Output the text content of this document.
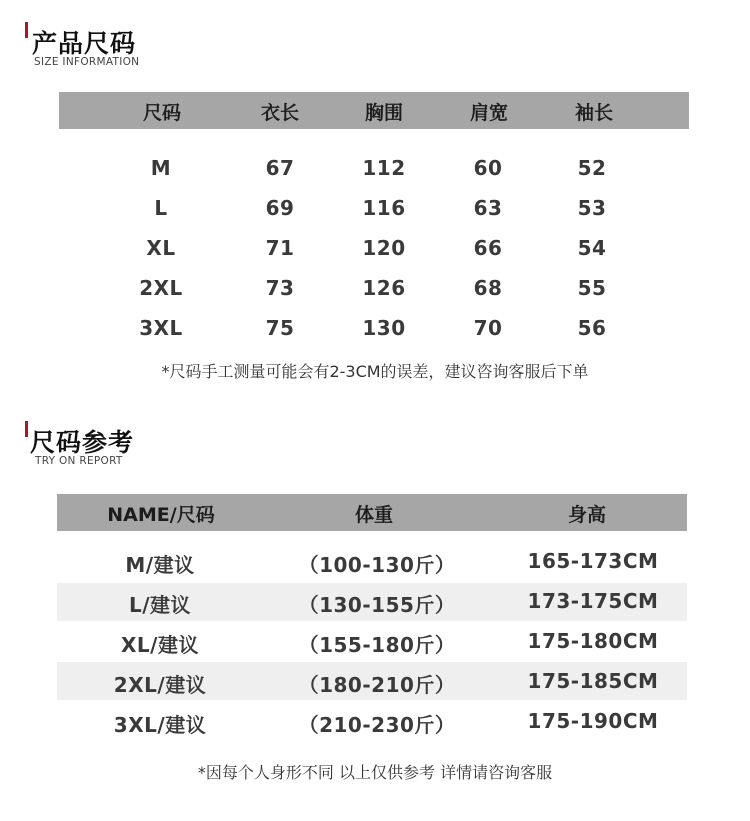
产品尺码
SIZE INFORMATION
尺码	衣长	胸围	肩宽	袖长
M	67	112	60	52
L	69	116	63	53
XL	71	120	66	54
2XL	73	126	68	55
3XL	75	130	70	56
*尺码手工测量可能会有2-3CM的误差，建议咨询客服后下单
尺码参考
TRY ON REPORT
NAME/尺码	体重	身高
M/建议	（100-130斤）	165-173CM
L/建议	（130-155斤）	173-175CM
XL/建议	（155-180斤）	175-180CM
2XL/建议	（180-210斤）	175-185CM
3XL/建议	（210-230斤）	175-190CM
*因每个人身形不同 以上仅供参考 详情请咨询客服
